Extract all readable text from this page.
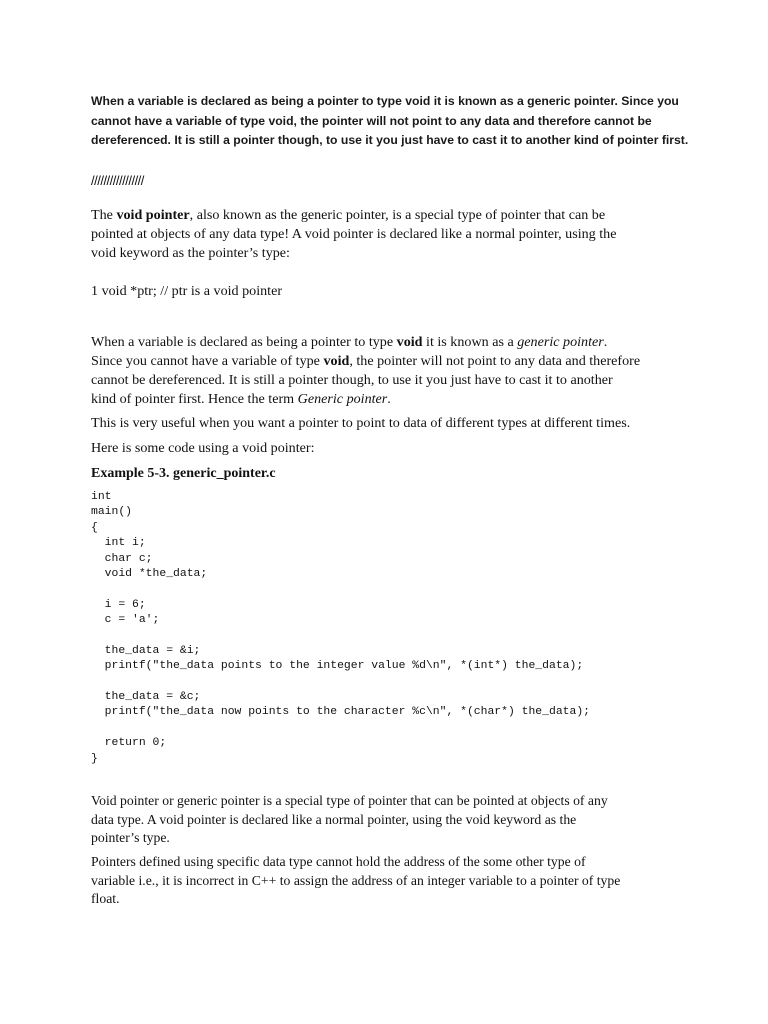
When a variable is declared as being a pointer to type void it is known as a generic pointer. Since you
cannot have a variable of type void, the pointer will not point to any data and therefore cannot be
dereferenced. It is still a pointer though, to use it you just have to cast it to another kind of pointer first.

/////////////////

The void pointer, also known as the generic pointer, is a special type of pointer that can be
pointed at objects of any data type! A void pointer is declared like a normal pointer, using the
void keyword as the pointer’s type:

1 void *ptr; // ptr is a void pointer

When a variable is declared as being a pointer to type void it is known as a generic pointer.
Since you cannot have a variable of type void, the pointer will not point to any data and therefore
cannot be dereferenced. It is still a pointer though, to use it you just have to cast it to another
kind of pointer first. Hence the term Generic pointer.

This is very useful when you want a pointer to point to data of different types at different times.

Here is some code using a void pointer:

Example 5-3. generic_pointer.c

int
main()
{
int i;
char c;
void *the_data;
i = 6;
c = 'a';
the_data = &i;
printf("the_data points to the integer value %d\n", *(int*) the_data);
the_data = &c;
printf("the_data now points to the character %c\n", *(char*) the_data);
return 0;
}

Void pointer or generic pointer is a special type of pointer that can be pointed at objects of any
data type. A void pointer is declared like a normal pointer, using the void keyword as the
pointer’s type.

Pointers defined using specific data type cannot hold the address of the some other type of
variable i.e., it is incorrect in C++ to assign the address of an integer variable to a pointer of type
float.
